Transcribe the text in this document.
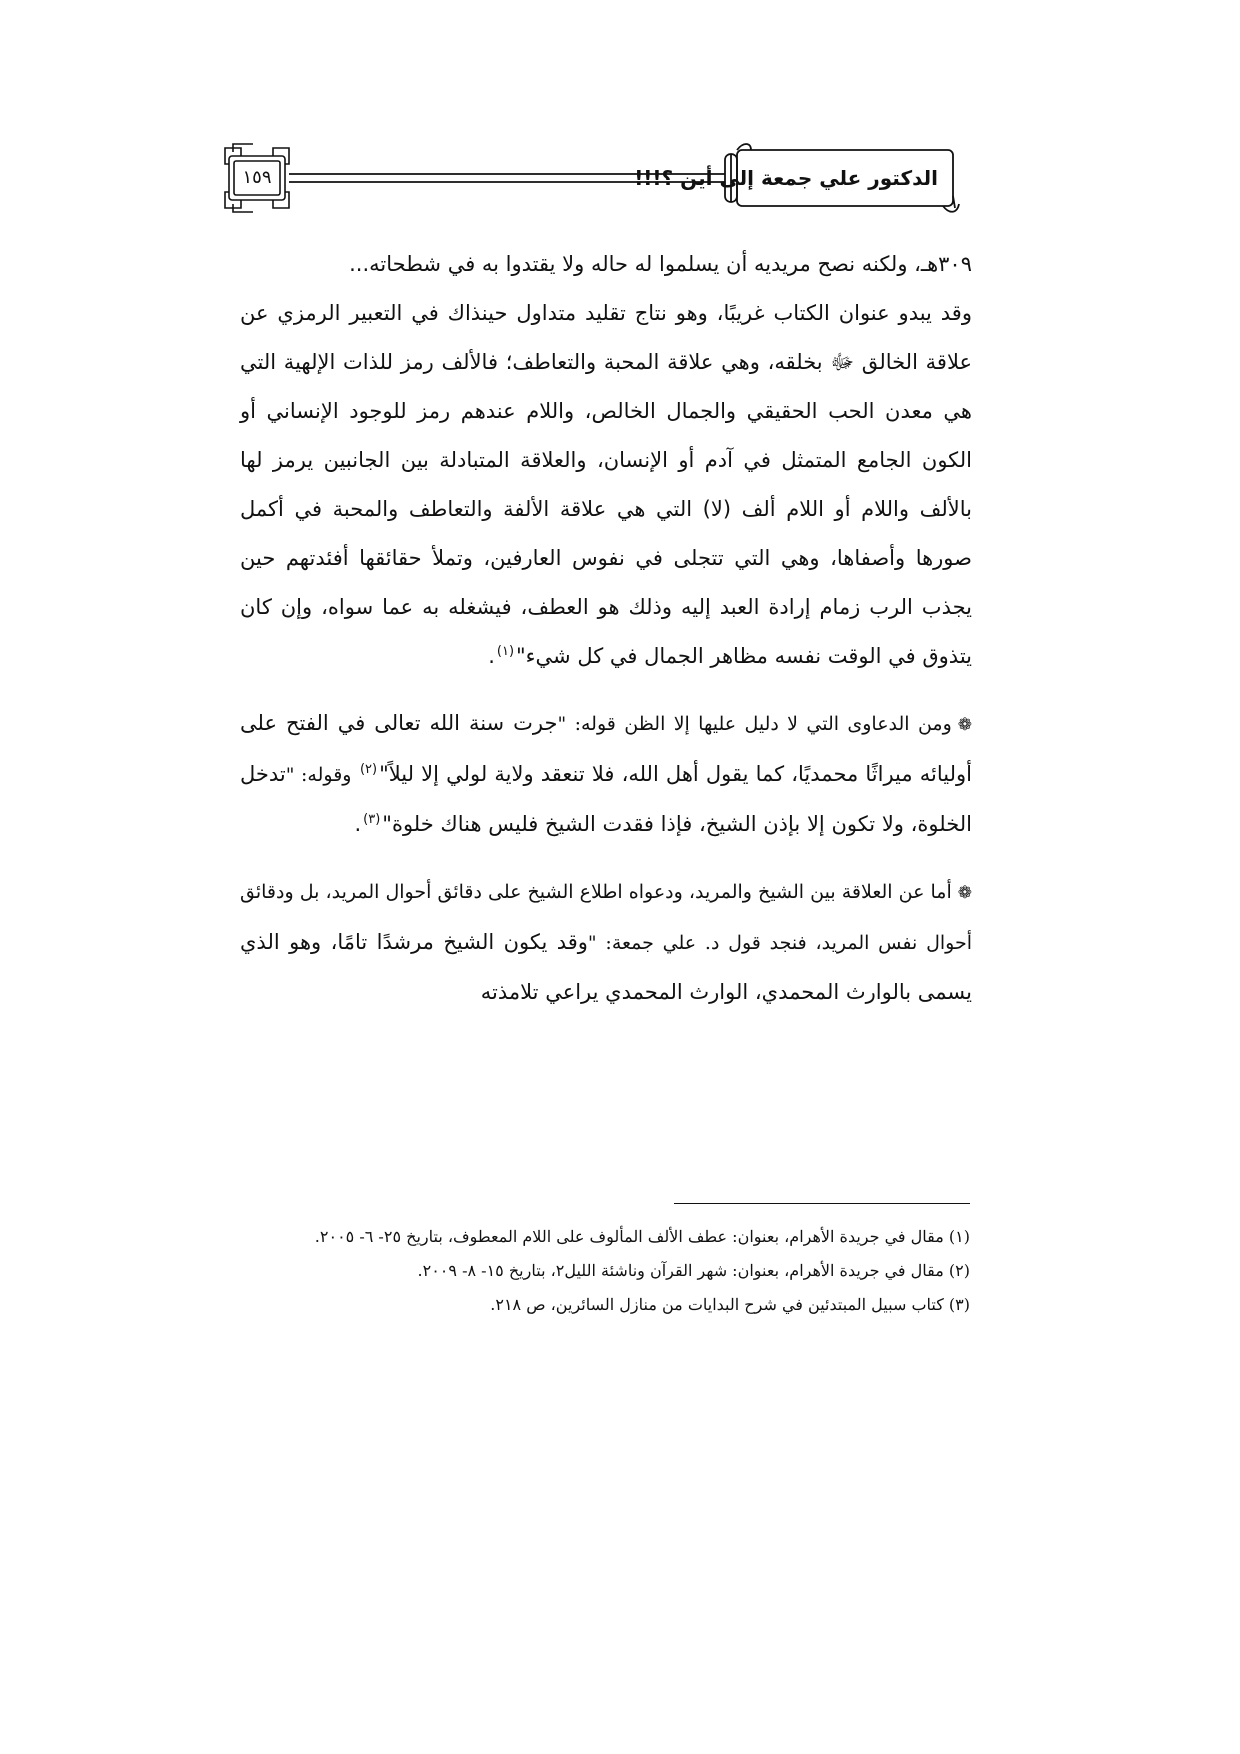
١٥٩	الدكتور علي جمعة إلى أين ؟!!!

٣٠٩هـ، ولكنه نصح مريديه أن يسلموا له حاله ولا يقتدوا به في شطحاته...
وقد يبدو عنوان الكتاب غريبًا، وهو نتاج تقليد متداول حينذاك في التعبير الرمزي عن علاقة الخالق ﷻ بخلقه، وهي علاقة المحبة والتعاطف؛ فالألف رمز للذات الإلهية التي هي معدن الحب الحقيقي والجمال الخالص، واللام عندهم رمز للوجود الإنساني أو الكون الجامع المتمثل في آدم أو الإنسان، والعلاقة المتبادلة بين الجانبين يرمز لها بالألف واللام أو اللام ألف (لا) التي هي علاقة الألفة والتعاطف والمحبة في أكمل صورها وأصفاها، وهي التي تتجلى في نفوس العارفين، وتملأ حقائقها أفئدتهم حين يجذب الرب زمام إرادة العبد إليه وذلك هو العطف، فيشغله به عما سواه، وإن كان يتذوق في الوقت نفسه مظاهر الجمال في كل شيء"$^{(١)}$.

❁ومن الدعاوى التي لا دليل عليها إلا الظن قوله: "جرت سنة الله تعالى في الفتح على أوليائه ميراثًا محمديًا، كما يقول أهل الله، فلا تنعقد ولاية لولي إلا ليلاً"$^{(٢)}$ وقوله: "تدخل الخلوة، ولا تكون إلا بإذن الشيخ، فإذا فقدت الشيخ فليس هناك خلوة"$^{(٣)}$.

❁أما عن العلاقة بين الشيخ والمريد، ودعواه اطلاع الشيخ على دقائق أحوال المريد، بل ودقائق أحوال نفس المريد، فنجد قول د. علي جمعة: "وقد يكون الشيخ مرشدًا تامًا، وهو الذي يسمى بالوارث المحمدي، الوارث المحمدي يراعي تلامذته

(١) مقال في جريدة الأهرام، بعنوان: عطف الألف المألوف على اللام المعطوف، بتاريخ ٢٥- ٦- ٢٠٠٥.

(٢) مقال في جريدة الأهرام، بعنوان: شهر القرآن وناشئة الليل٢، بتاريخ ١٥- ٨- ٢٠٠٩.

(٣) كتاب سبيل المبتدئين في شرح البدايات من منازل السائرين، ص ٢١٨.
